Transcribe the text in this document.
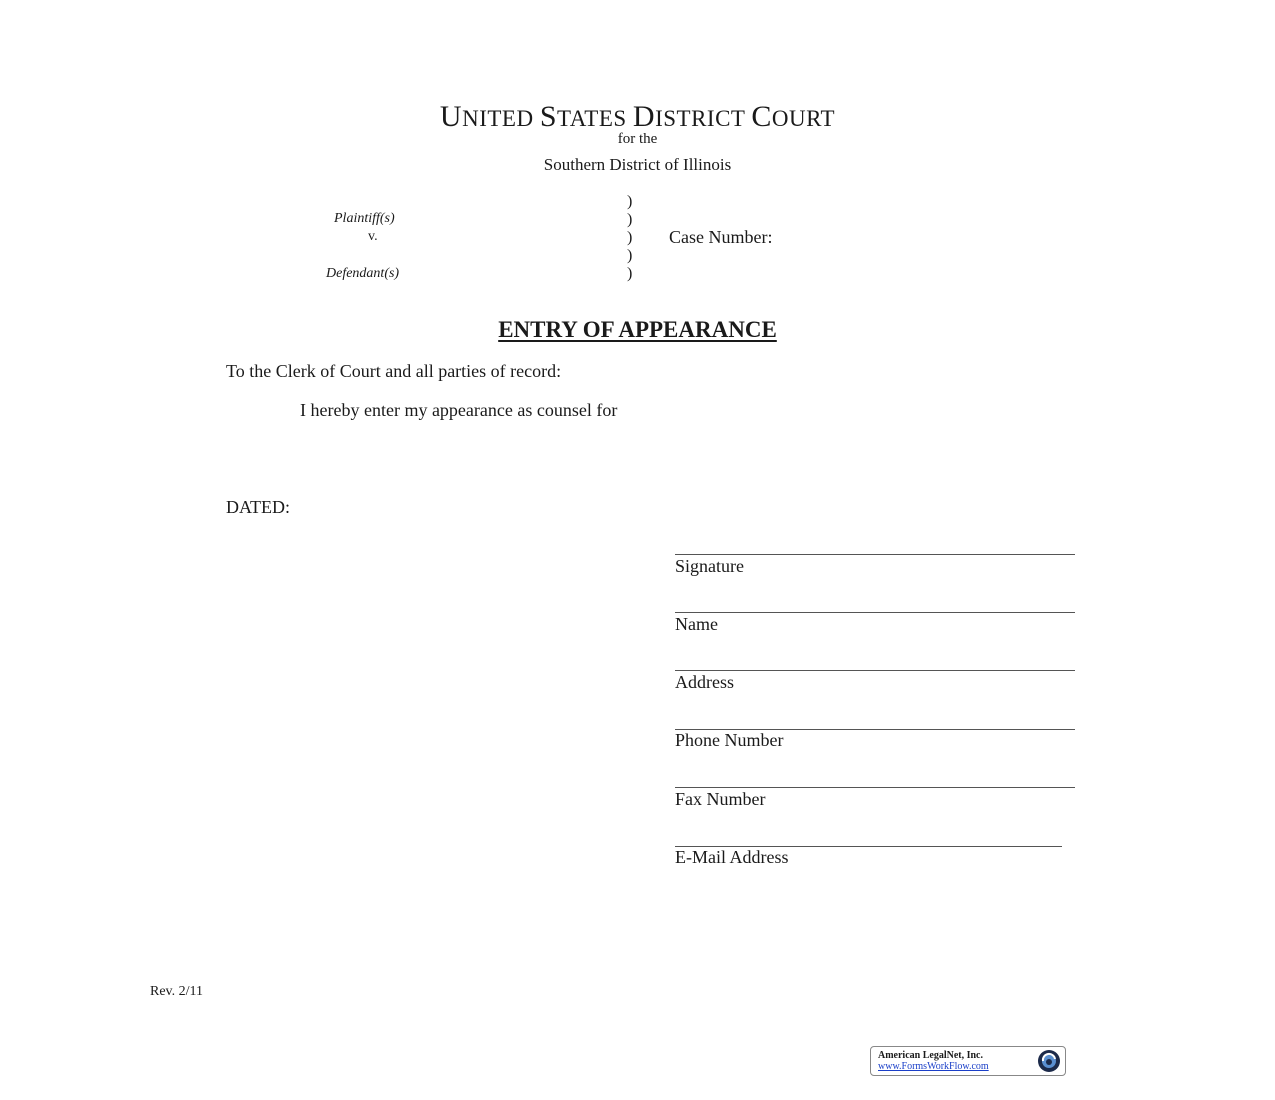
UNITED STATES DISTRICT COURT
for the
Southern District of Illinois
Plaintiff(s)
v.
Defendant(s)
)
)
)
)
)
Case Number:
ENTRY OF APPEARANCE
To the Clerk of Court and all parties of record:
I hereby enter my appearance as counsel for
DATED:
Signature
Name
Address
Phone Number
Fax Number
E-Mail Address
Rev. 2/11
American LegalNet, Inc.
www.FormsWorkFlow.com
